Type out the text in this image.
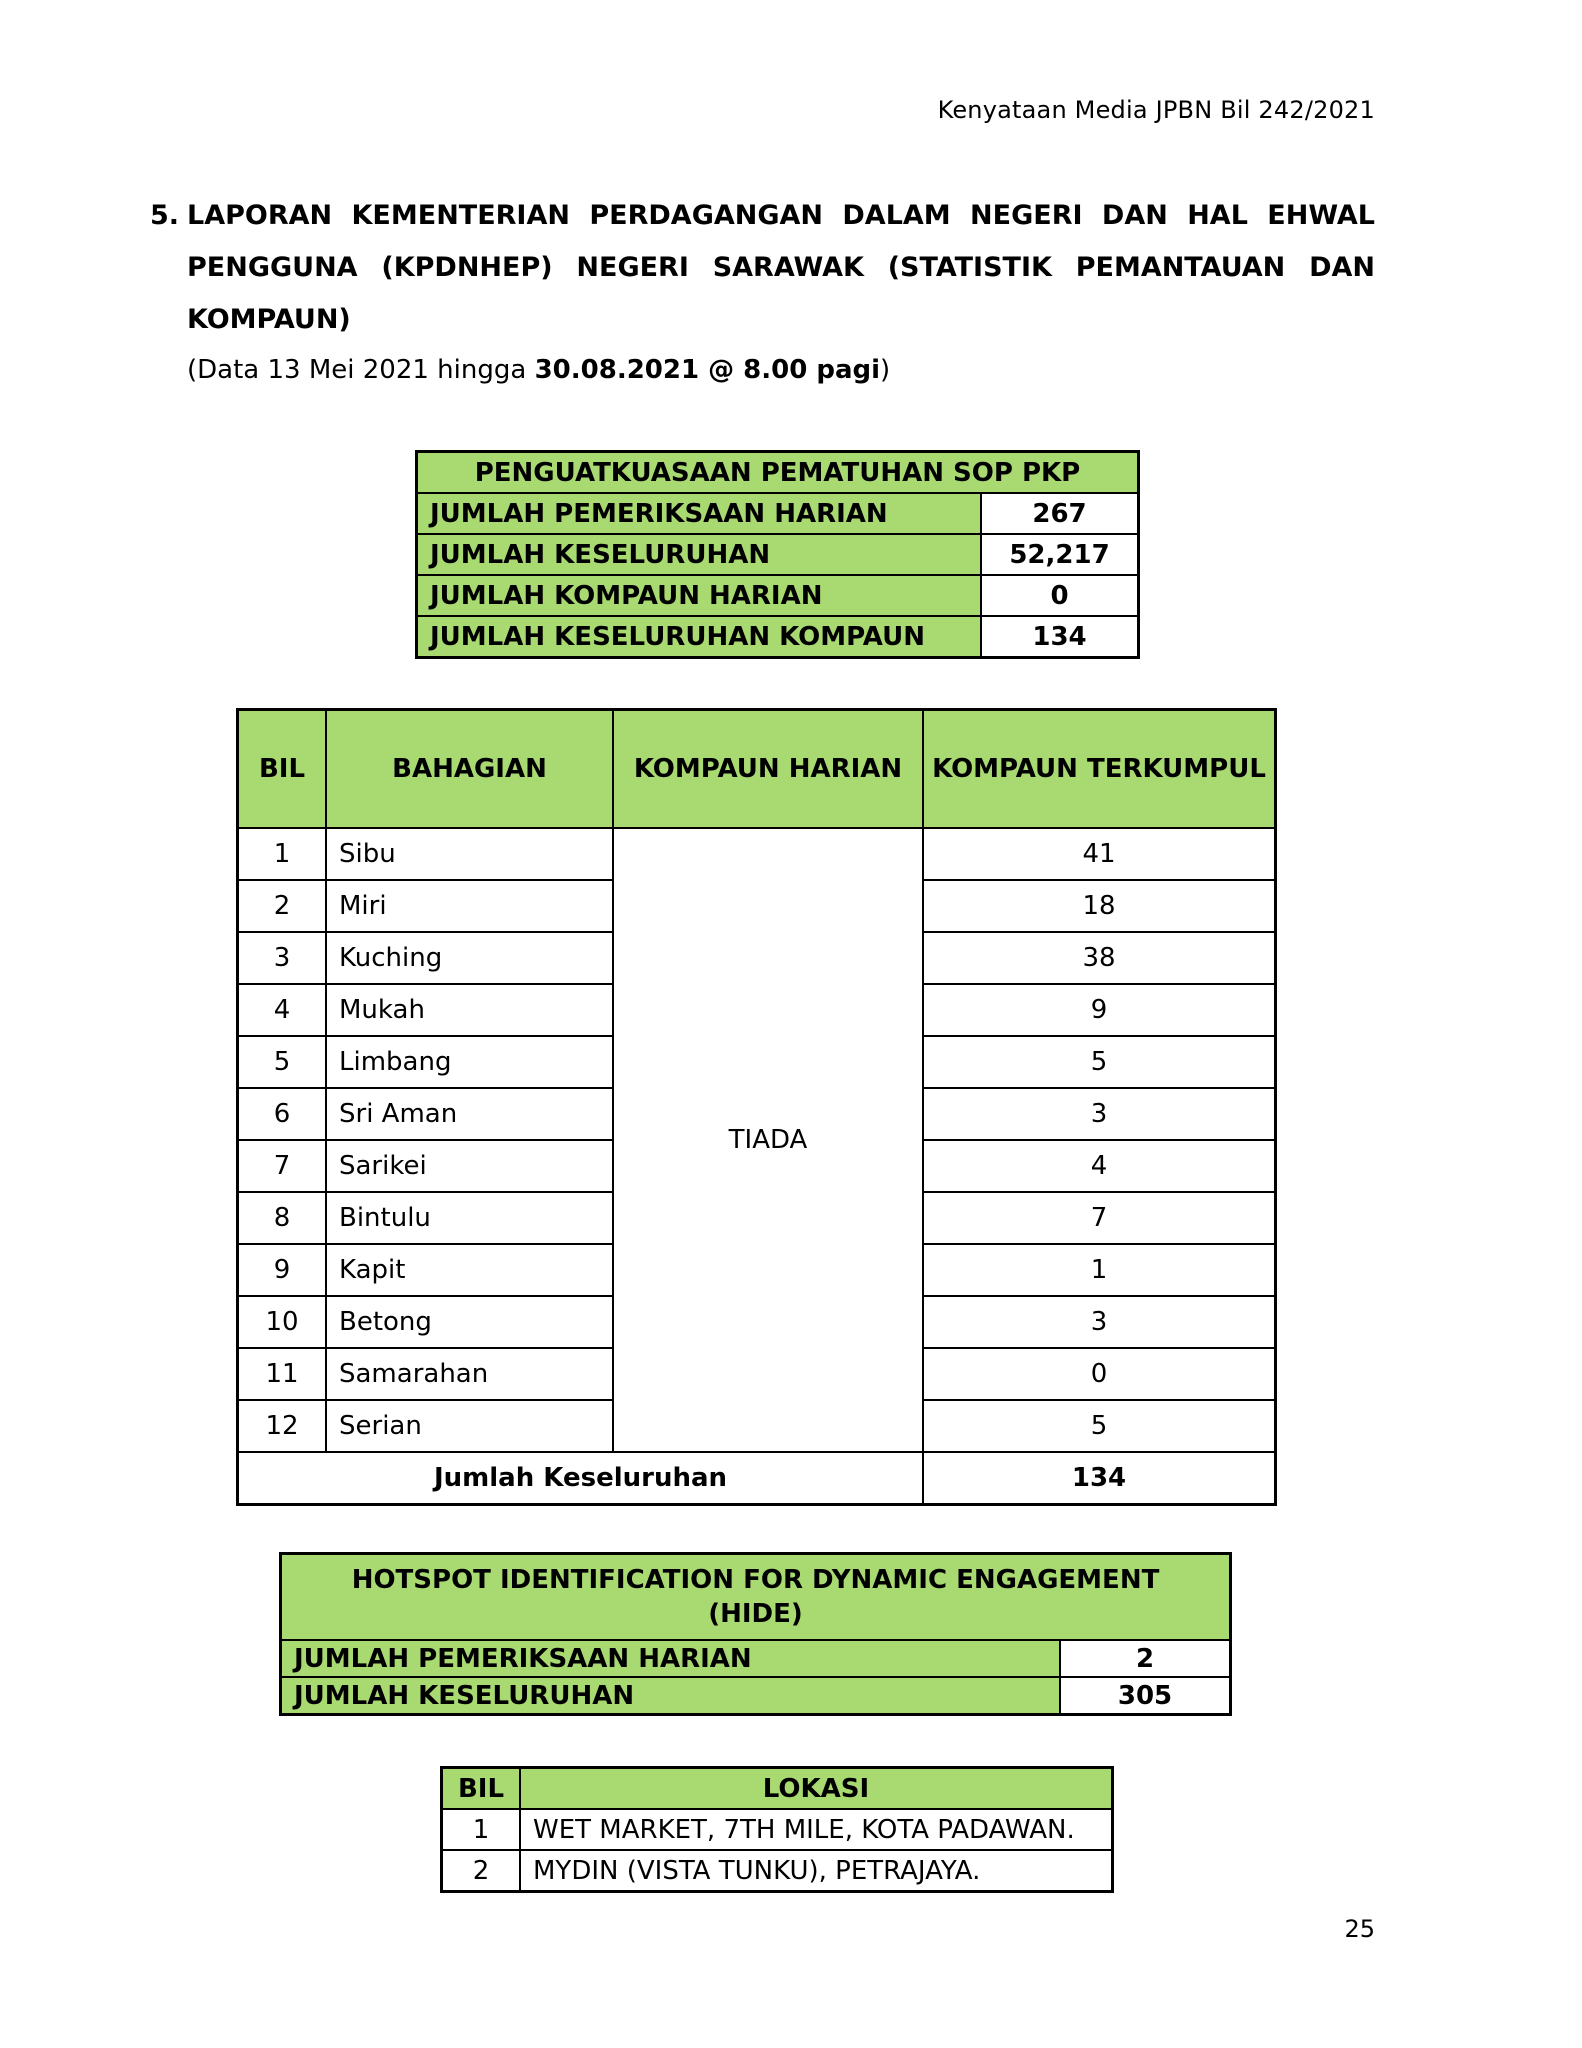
Kenyataan Media JPBN Bil 242/2021
5. LAPORAN KEMENTERIAN PERDAGANGAN DALAM NEGERI DAN HAL EHWAL PENGGUNA (KPDNHEP) NEGERI SARAWAK (STATISTIK PEMANTAUAN DAN KOMPAUN)
(Data 13 Mei 2021 hingga 30.08.2021 @ 8.00 pagi)
PENGUATKUASAAN PEMATUHAN SOP PKP	
JUMLAH PEMERIKSAAN HARIAN	267
JUMLAH KESELURUHAN	52,217
JUMLAH KOMPAUN HARIAN	0
JUMLAH KESELURUHAN KOMPAUN	134
BIL	BAHAGIAN	KOMPAUN HARIAN	KOMPAUN TERKUMPUL
1	Sibu	TIADA	41
2	Miri		18
3	Kuching		38
4	Mukah		9
5	Limbang		5
6	Sri Aman		3
7	Sarikei		4
8	Bintulu		7
9	Kapit		1
10	Betong		3
11	Samarahan		0
12	Serian		5
Jumlah Keseluruhan			134
HOTSPOT IDENTIFICATION FOR DYNAMIC ENGAGEMENT
(HIDE)	

JUMLAH PEMERIKSAAN HARIAN	2
JUMLAH KESELURUHAN	305
BIL	LOKASI
1	WET MARKET, 7TH MILE, KOTA PADAWAN.
2	MYDIN (VISTA TUNKU), PETRAJAYA.
25
